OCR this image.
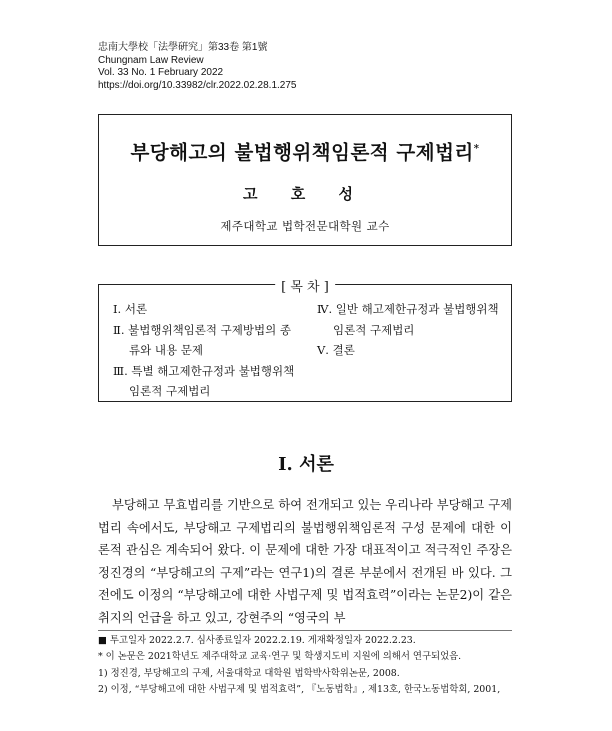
忠南大學校「法學硏究」第33卷 第1號
Chungnam Law Review
Vol. 33 No. 1 February 2022
https://doi.org/10.33982/clr.2022.02.28.1.275
부당해고의 불법행위책임론적 구제법리*
고 호 성
제주대학교 법학전문대학원 교수
[ 목 차 ]
Ⅰ. 서론
Ⅱ. 불법행위책임론적 구제방법의 종
류와 내용 문제
Ⅲ. 특별 해고제한규정과 불법행위책
임론적 구제법리
Ⅳ. 일반 해고제한규정과 불법행위책
임론적 구제법리
Ⅴ. 결론
Ⅰ. 서론

부당해고 무효법리를 기반으로 하여 전개되고 있는 우리나라 부당해고 구제법리 속에서도, 부당해고 구제법리의 불법행위책임론적 구성 문제에 대한 이론적 관심은 계속되어 왔다. 이 문제에 대한 가장 대표적이고 적극적인 주장은 정진경의 “부당해고의 구제”라는 연구1)의 결론 부분에서 전개된 바 있다. 그 전에도 이정의 “부당해고에 대한 사법구제 및 법적효력”이라는 논문2)이 같은 취지의 언급을 하고 있고, 강현주의 “영국의 부

■ 투고일자 2022.2.7. 심사종료일자 2022.2.19. 게재확정일자 2022.2.23.
* 이 논문은 2021학년도 제주대학교 교육·연구 및 학생지도비 지원에 의해서 연구되었음.
1) 정진경, 부당해고의 구제, 서울대학교 대학원 법학박사학위논문, 2008.
2) 이정, “부당해고에 대한 사법구제 및 법적효력”, 『노동법학』, 제13호, 한국노동법학회, 2001,
